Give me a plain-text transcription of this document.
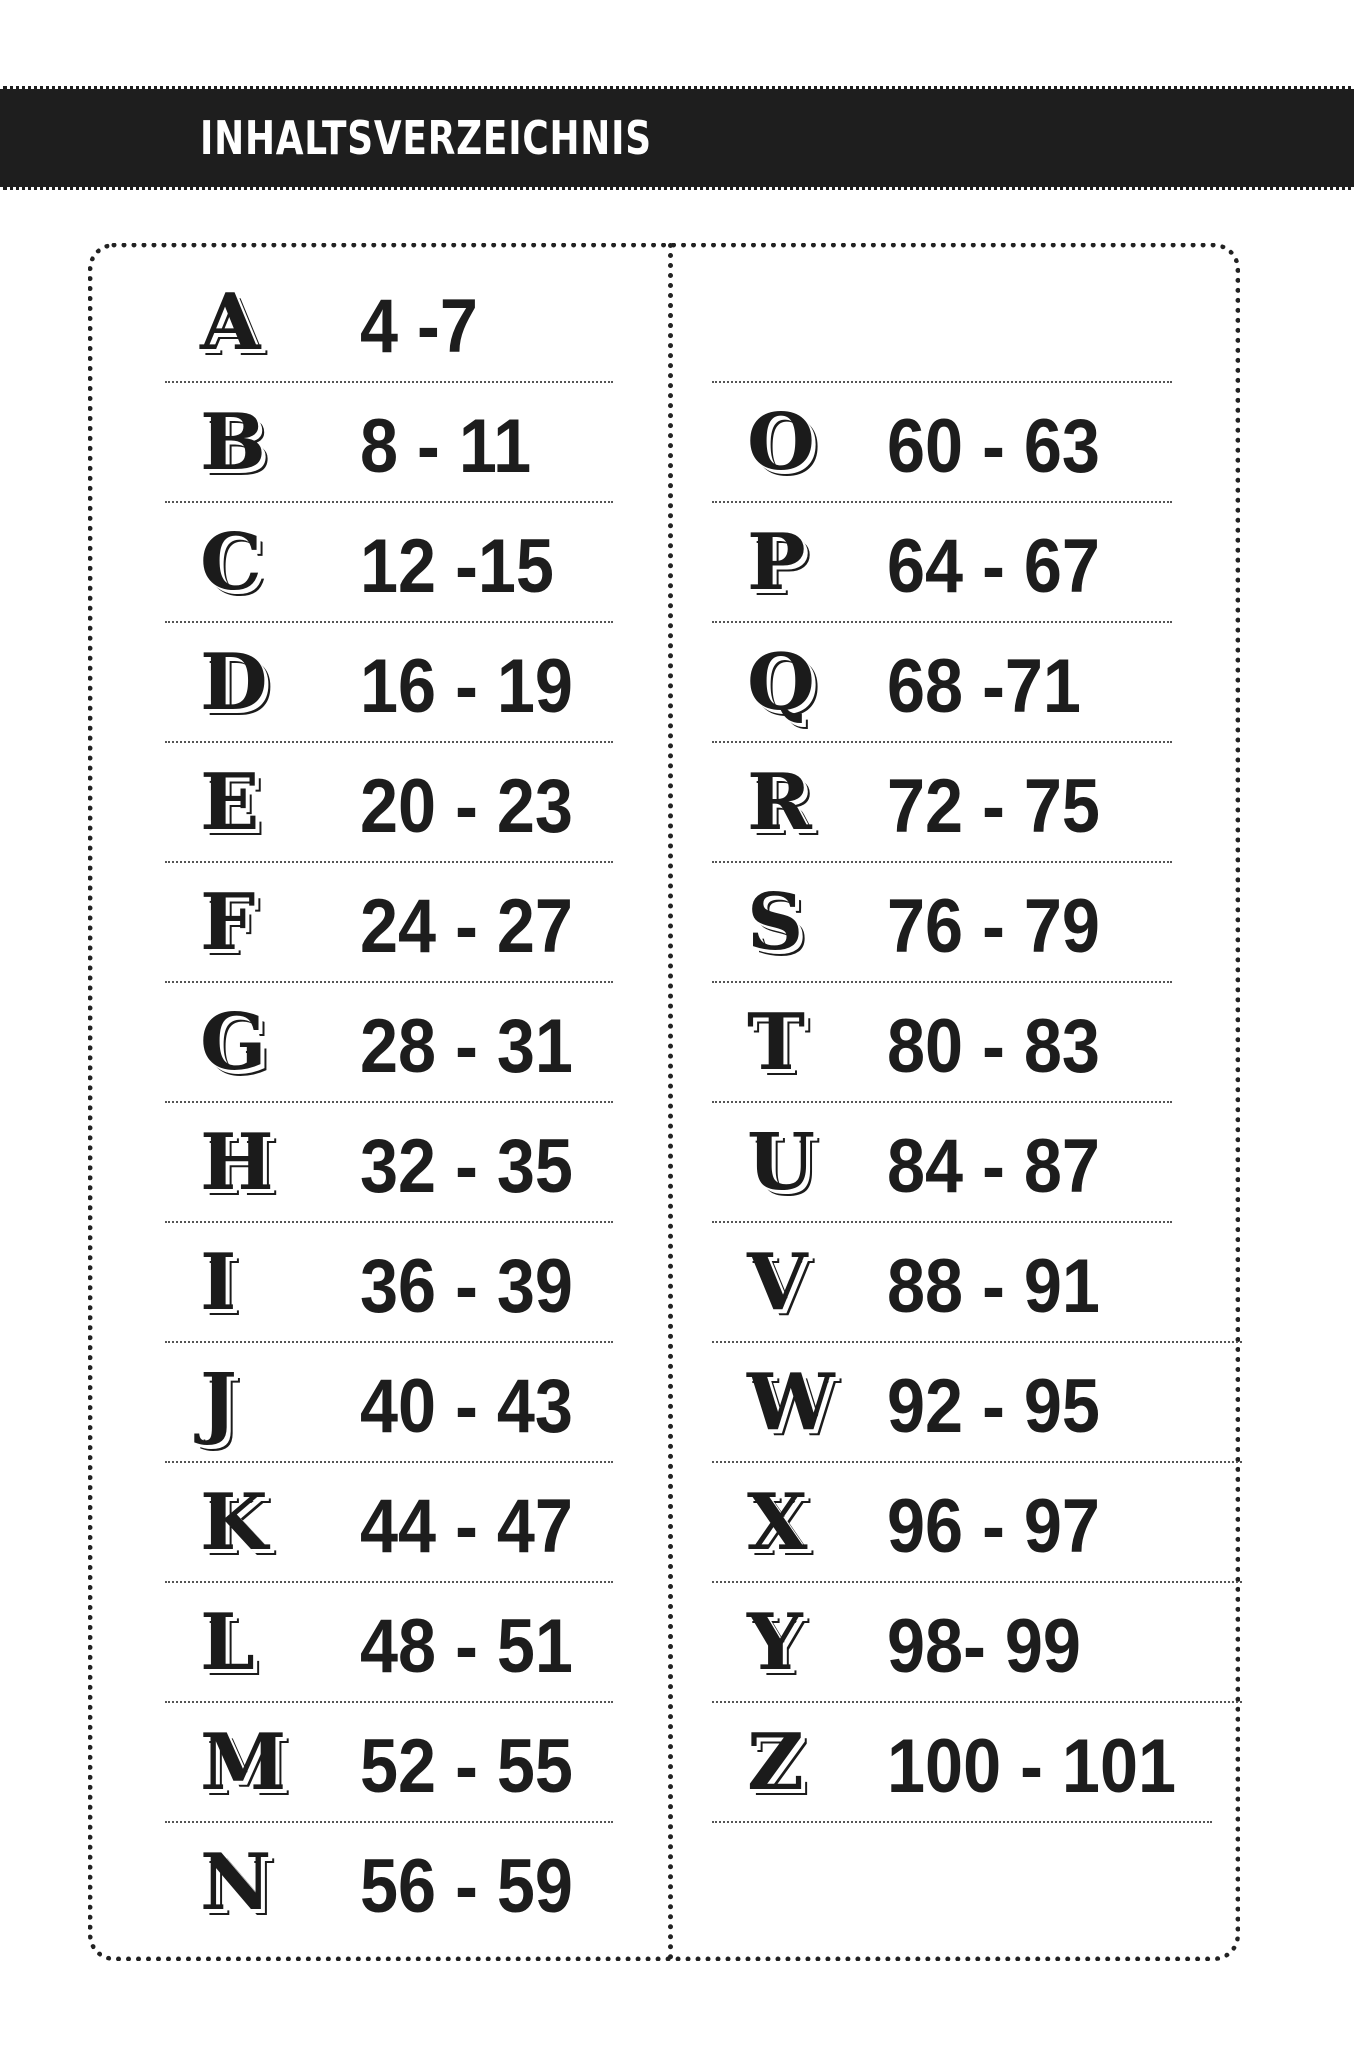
INHALTSVERZEICHNIS
A 4 -7
B 8 - 11
C 12 -15
D 16 - 19
E 20 - 23
F 24 - 27
G 28 - 31
H 32 - 35
I 36 - 39
J 40 - 43
K 44 - 47
L 48 - 51
M 52 - 55
N 56 - 59
O 60 - 63
P 64 - 67
Q 68 -71
R 72 - 75
S 76 - 79
T 80 - 83
U 84 - 87
V 88 - 91
W 92 - 95
X 96 - 97
Y 98- 99
Z 100 - 101
